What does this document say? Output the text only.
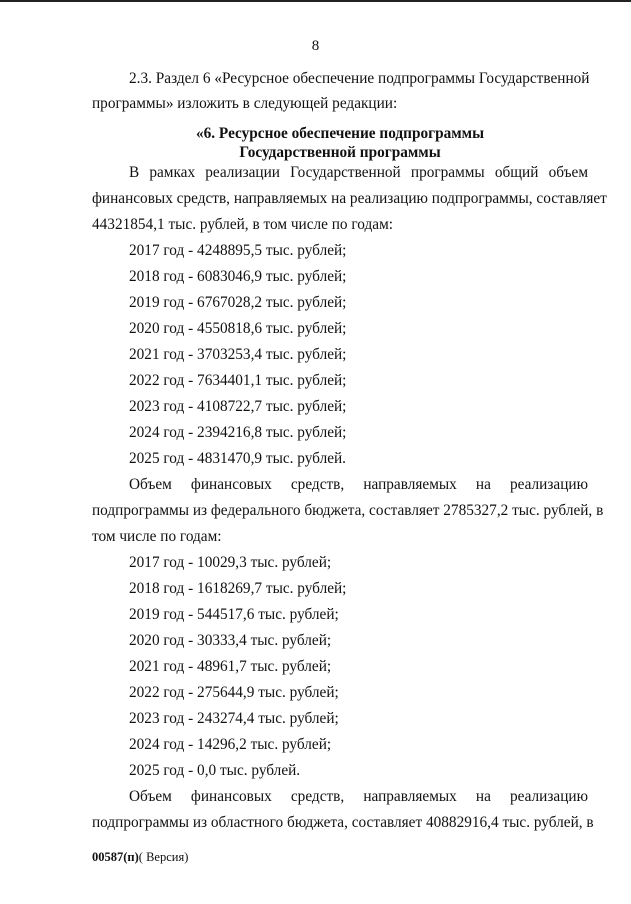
8
2.3. Раздел 6 «Ресурсное обеспечение подпрограммы Государственной
программы» изложить в следующей редакции:
«6. Ресурсное обеспечение подпрограммы
Государственной программы
В рамках реализации Государственной программы общий объем
финансовых средств, направляемых на реализацию подпрограммы, составляет
44321854,1 тыс. рублей, в том числе по годам:
2017 год - 4248895,5 тыс. рублей;
2018 год - 6083046,9 тыс. рублей;
2019 год - 6767028,2 тыс. рублей;
2020 год - 4550818,6 тыс. рублей;
2021 год - 3703253,4 тыс. рублей;
2022 год - 7634401,1 тыс. рублей;
2023 год - 4108722,7 тыс. рублей;
2024 год - 2394216,8 тыс. рублей;
2025 год - 4831470,9 тыс. рублей.
Объем финансовых средств, направляемых на реализацию
подпрограммы из федерального бюджета, составляет 2785327,2 тыс. рублей, в
том числе по годам:
2017 год - 10029,3 тыс. рублей;
2018 год - 1618269,7 тыс. рублей;
2019 год - 544517,6 тыс. рублей;
2020 год - 30333,4 тыс. рублей;
2021 год - 48961,7 тыс. рублей;
2022 год - 275644,9 тыс. рублей;
2023 год - 243274,4 тыс. рублей;
2024 год - 14296,2 тыс. рублей;
2025 год - 0,0 тыс. рублей.
Объем финансовых средств, направляемых на реализацию
подпрограммы из областного бюджета, составляет 40882916,4 тыс. рублей, в
00587(п)( Версия)
